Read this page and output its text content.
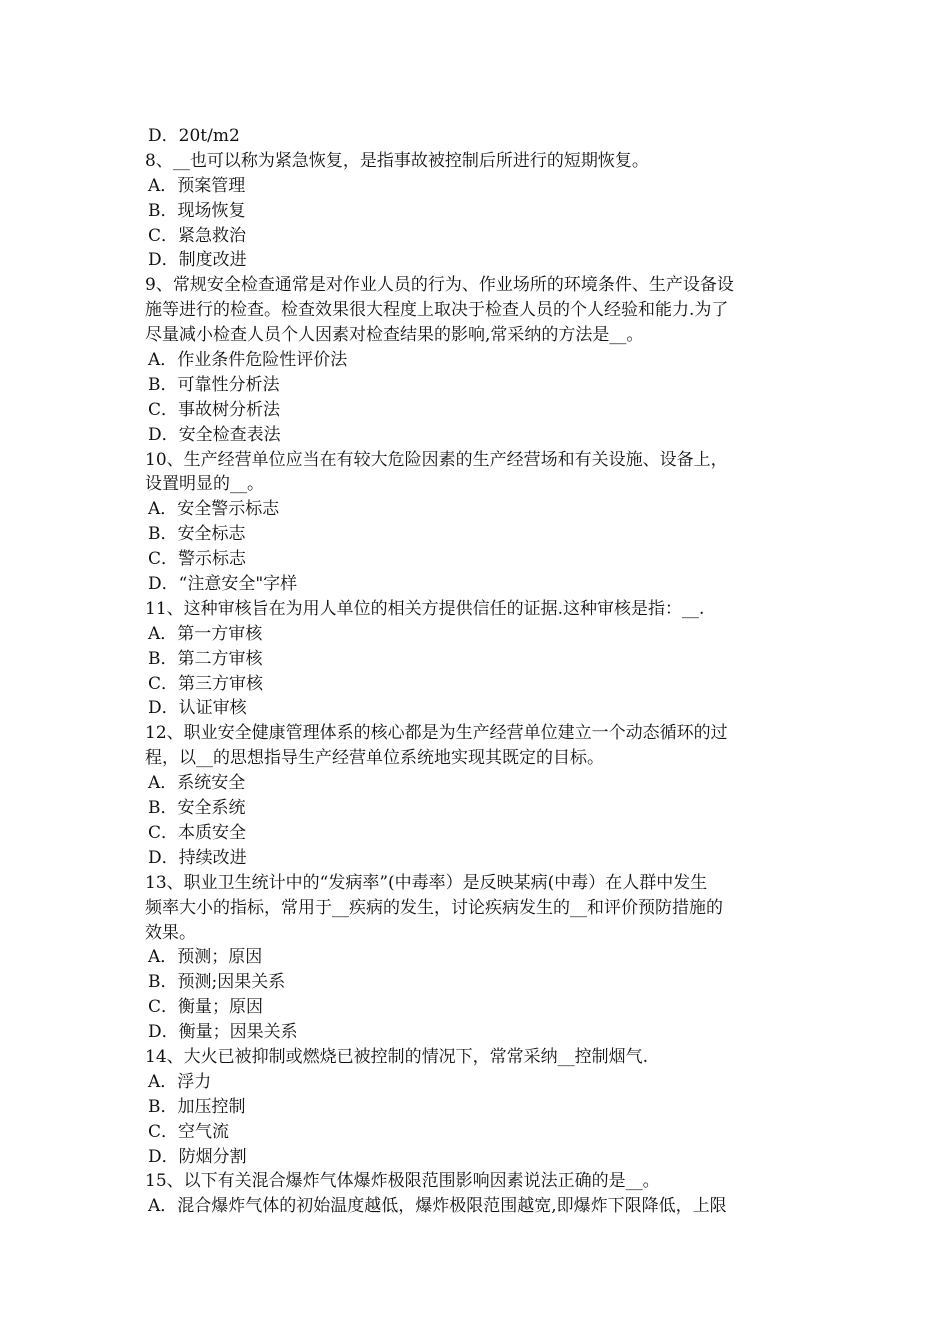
D．20t/m2
8、__也可以称为紧急恢复，是指事故被控制后所进行的短期恢复。
A．预案管理
B．现场恢复
C．紧急救治
D．制度改进
9、常规安全检查通常是对作业人员的行为、作业场所的环境条件、生产设备设
施等进行的检查。检查效果很大程度上取决于检查人员的个人经验和能力.为了
尽量减小检查人员个人因素对检查结果的影响,常采纳的方法是__。
A．作业条件危险性评价法
B．可靠性分析法
C．事故树分析法
D．安全检查表法
10、生产经营单位应当在有较大危险因素的生产经营场和有关设施、设备上，
设置明显的__。
A．安全警示标志
B．安全标志
C．警示标志
D．“注意安全"字样
11、这种审核旨在为用人单位的相关方提供信任的证据.这种审核是指：__.
A．第一方审核
B．第二方审核
C．第三方审核
D．认证审核
12、职业安全健康管理体系的核心都是为生产经营单位建立一个动态循环的过
程，以__的思想指导生产经营单位系统地实现其既定的目标。
A．系统安全
B．安全系统
C．本质安全
D．持续改进
13、职业卫生统计中的“发病率”(中毒率）是反映某病(中毒）在人群中发生
频率大小的指标，常用于__疾病的发生，讨论疾病发生的__和评价预防措施的
效果。
A．预测；原因
B．预测;因果关系
C．衡量；原因
D．衡量；因果关系
14、大火已被抑制或燃烧已被控制的情况下，常常采纳__控制烟气.
A．浮力
B．加压控制
C．空气流
D．防烟分割
15、以下有关混合爆炸气体爆炸极限范围影响因素说法正确的是__。
A．混合爆炸气体的初始温度越低，爆炸极限范围越宽,即爆炸下限降低，上限
